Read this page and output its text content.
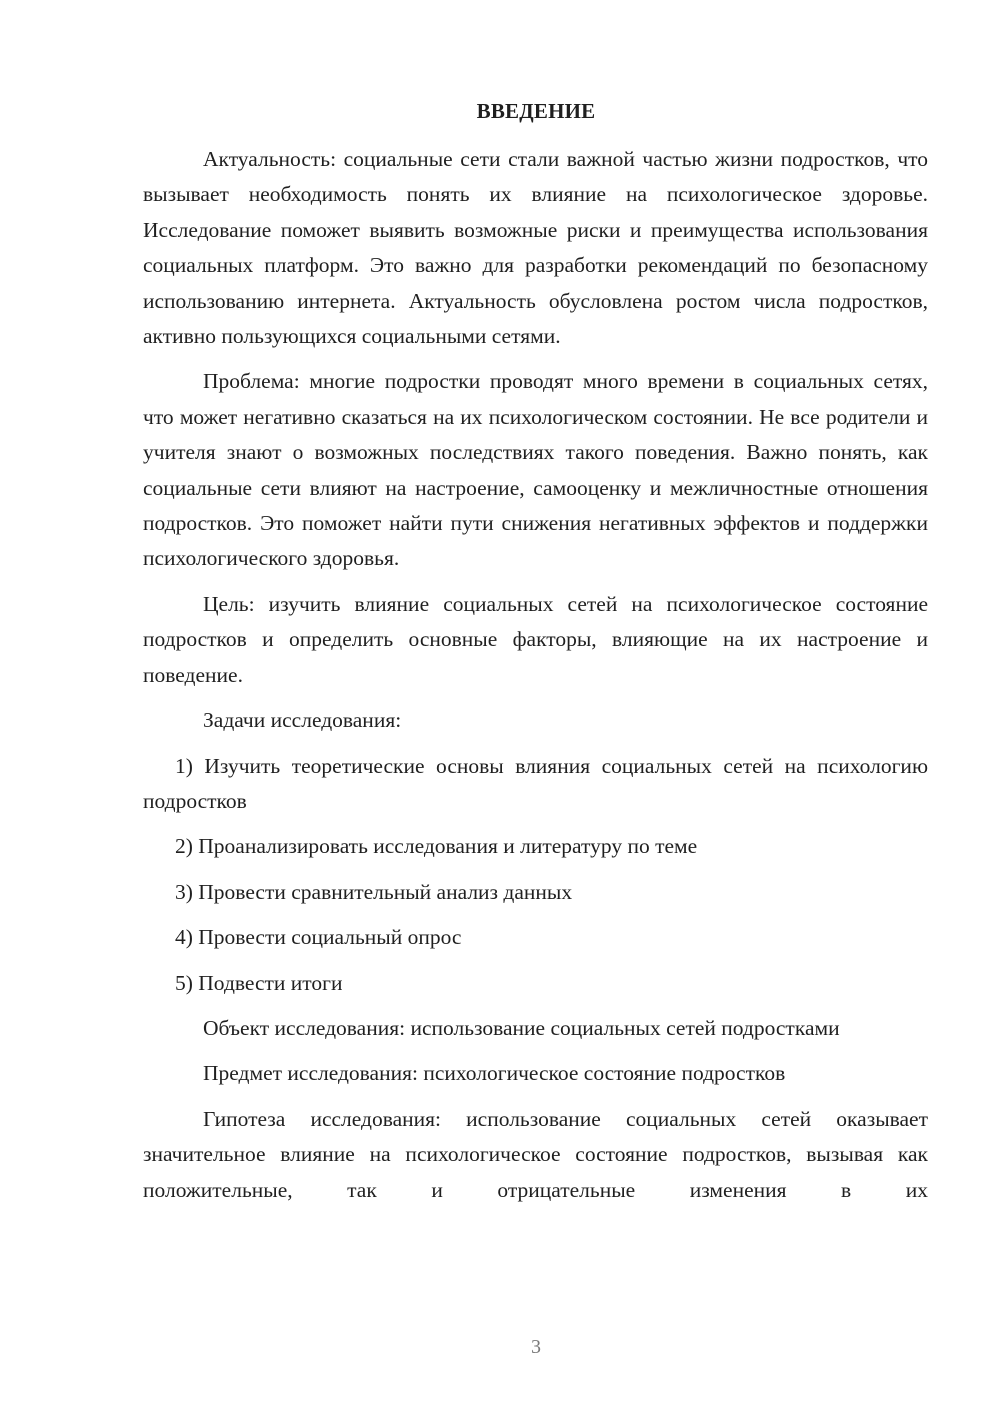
ВВЕДЕНИЕ

Актуальность: социальные сети стали важной частью жизни подростков, что вызывает необходимость понять их влияние на психологическое здоровье. Исследование поможет выявить возможные риски и преимущества использования социальных платформ. Это важно для разработки рекомендаций по безопасному использованию интернета. Актуальность обусловлена ростом числа подростков, активно пользующихся социальными сетями.

Проблема: многие подростки проводят много времени в социальных сетях, что может негативно сказаться на их психологическом состоянии. Не все родители и учителя знают о возможных последствиях такого поведения. Важно понять, как социальные сети влияют на настроение, самооценку и межличностные отношения подростков. Это поможет найти пути снижения негативных эффектов и поддержки психологического здоровья.

Цель: изучить влияние социальных сетей на психологическое состояние подростков и определить основные факторы, влияющие на их настроение и поведение.

Задачи исследования:

1) Изучить теоретические основы влияния социальных сетей на психологию подростков

2) Проанализировать исследования и литературу по теме

3) Провести сравнительный анализ данных

4) Провести социальный опрос

5) Подвести итоги

Объект исследования: использование социальных сетей подростками

Предмет исследования: психологическое состояние подростков

Гипотеза исследования: использование социальных сетей оказывает значительное влияние на психологическое состояние подростков, вызывая как положительные, так и отрицательные изменения в их

3
